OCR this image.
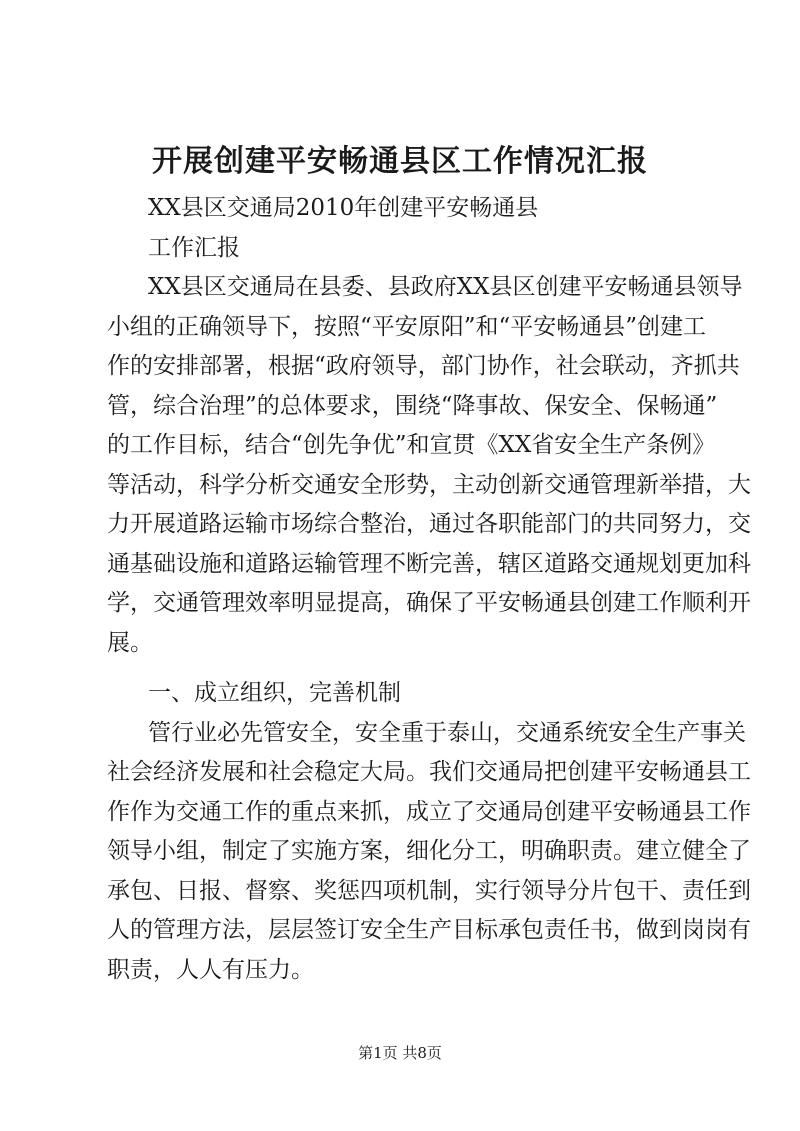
开展创建平安畅通县区工作情况汇报

XX县区交通局2010年创建平安畅通县

工作汇报

XX县区交通局在县委、县政府XX县区创建平安畅通县领导

小组的正确领导下，按照“平安原阳”和“平安畅通县”创建工

作的安排部署，根据“政府领导，部门协作，社会联动，齐抓共

管，综合治理”的总体要求，围绕“降事故、保安全、保畅通”

的工作目标，结合“创先争优”和宣贯《XX省安全生产条例》

等活动，科学分析交通安全形势，主动创新交通管理新举措，大

力开展道路运输市场综合整治，通过各职能部门的共同努力，交

通基础设施和道路运输管理不断完善，辖区道路交通规划更加科

学，交通管理效率明显提高，确保了平安畅通县创建工作顺利开

展。

一、成立组织，完善机制

管行业必先管安全，安全重于泰山，交通系统安全生产事关

社会经济发展和社会稳定大局。我们交通局把创建平安畅通县工

作作为交通工作的重点来抓，成立了交通局创建平安畅通县工作

领导小组，制定了实施方案，细化分工，明确职责。建立健全了

承包、日报、督察、奖惩四项机制，实行领导分片包干、责任到

人的管理方法，层层签订安全生产目标承包责任书，做到岗岗有

职责，人人有压力。

第1页 共8页
